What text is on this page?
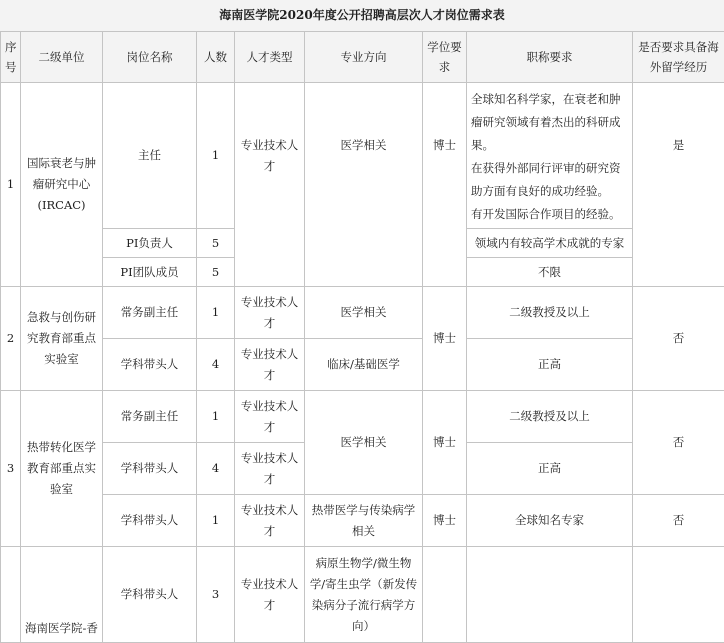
海南医学院2020年度公开招聘高层次人才岗位需求表
序号	二级单位	岗位名称	人数	人才类型	专业方向	学位要求	职称要求	是否要求具备海外留学经历
1	国际衰老与肿瘤研究中心(IRCAC)	主任	1	专业技术人才	医学相关	博士	全球知名科学家，在衰老和肿瘤研究领域有着杰出的科研成果。
在获得外部同行评审的研究资助方面有良好的成功经验。
有开发国际合作项目的经验。	是
		PI负责人	5				领域内有较高学术成就的专家	
		PI团队成员	5				不限	
2	急救与创伤研究教育部重点实验室	常务副主任	1	专业技术人才	医学相关	博士	二级教授及以上	否
		学科带头人	4	专业技术人才	临床/基础医学		正高	
3	热带转化医学教育部重点实验室	常务副主任	1	专业技术人才	医学相关	博士	二级教授及以上	否
		学科带头人	4	专业技术人才			正高	
		学科带头人	1	专业技术人才	热带医学与传染病学相关	博士	全球知名专家	否
	海南医学院-香	学科带头人	3	专业技术人才	病原生物学/微生物学/寄生虫学（新发传染病分子流行病学方向）			
